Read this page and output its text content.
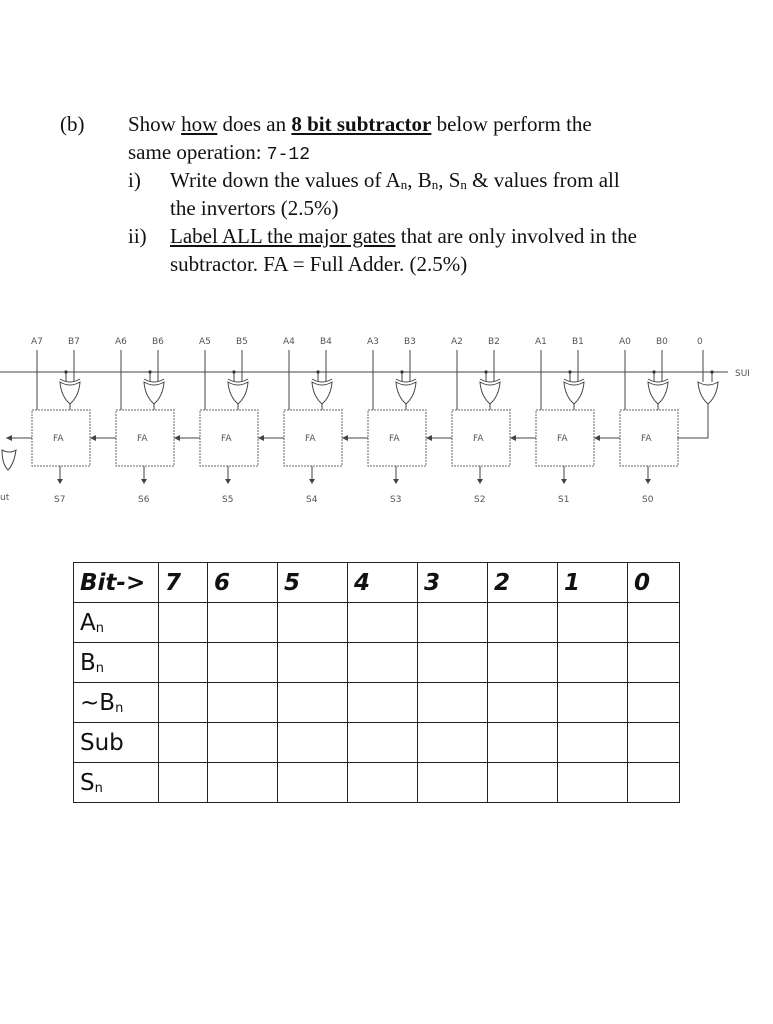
(b) Show how does an 8 bit subtractor below perform the
same operation: 7-12
i) Write down the values of $A_n$, $B_n$, $S_n$ & values from all
the invertors (2.5%)
ii) Label ALL the major gates that are only involved in the
subtractor. FA = Full Adder. (2.5%)
SUI
A7	B7	A6	B6	A5	B5	A4	B4	A3	B3	A2	B2	A1	B1	A0	B0	0
FA
S7
FA
S6
FA
S5
FA
S4
FA
S3
FA
S2
FA
S1
FA
S0
ut
Bit->	7	6	5	4	3	2	1	0
$A_n$								
$B_n$								
$\sim B_n$								
Sub								
$S_n$								
